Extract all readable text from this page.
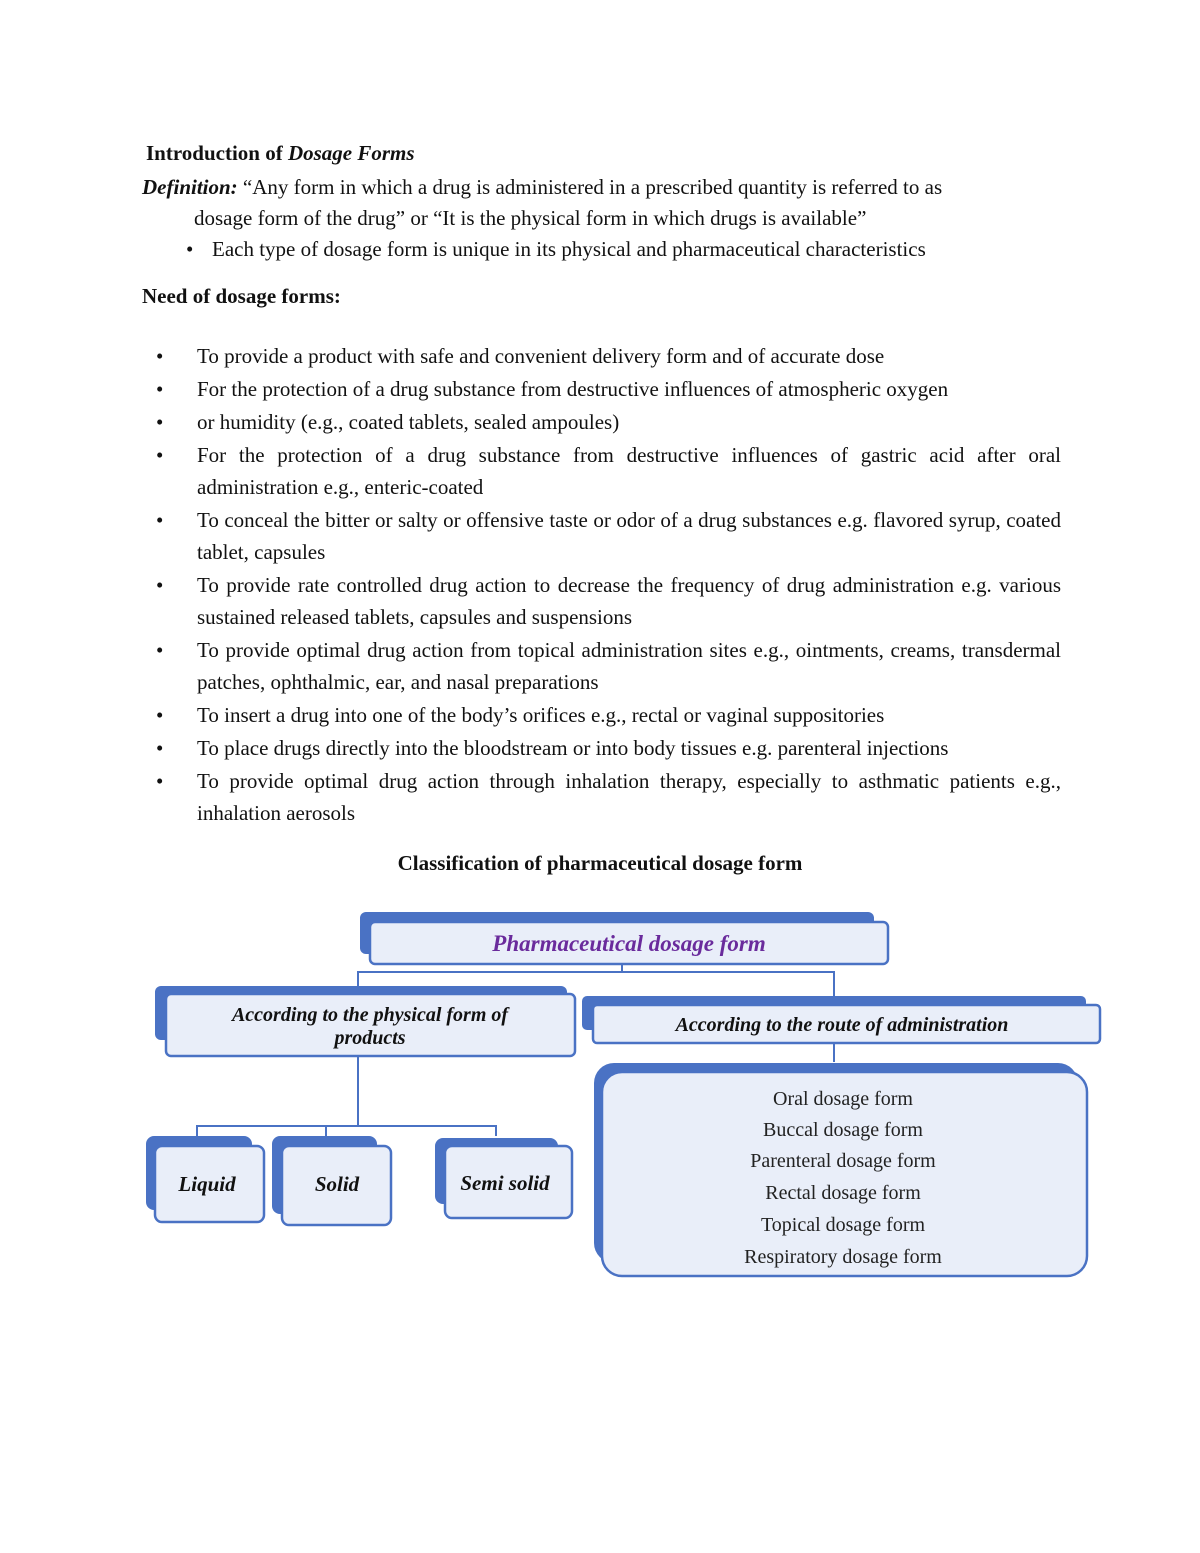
Introduction of Dosage Forms
Definition: “Any form in which a drug is administered in a prescribed quantity is referred to as
dosage form of the drug” or “It is the physical form in which drugs is available”
• Each type of dosage form is unique in its physical and pharmaceutical characteristics
Need of dosage forms:
• To provide a product with safe and convenient delivery form and of accurate dose
• For the protection of a drug substance from destructive influences of atmospheric oxygen
• or humidity (e.g., coated tablets, sealed ampoules)
• For the protection of a drug substance from destructive influences of gastric acid after oral administration e.g., enteric-coated
• To conceal the bitter or salty or offensive taste or odor of a drug substances e.g. flavored syrup, coated tablet, capsules
• To provide rate controlled drug action to decrease the frequency of drug administration e.g. various sustained released tablets, capsules and suspensions
• To provide optimal drug action from topical administration sites e.g., ointments, creams, transdermal patches, ophthalmic, ear, and nasal preparations
• To insert a drug into one of the body’s orifices e.g., rectal or vaginal suppositories
• To place drugs directly into the bloodstream or into body tissues e.g. parenteral injections
• To provide optimal drug action through inhalation therapy, especially to asthmatic patients e.g., inhalation aerosols
Classification of pharmaceutical dosage form
Pharmaceutical dosage form
According to the physical form of
products
According to the route of administration
Liquid	Solid	Semi solid
Oral dosage form
Buccal dosage form
Parenteral dosage form
Rectal dosage form
Topical dosage form
Respiratory dosage form
